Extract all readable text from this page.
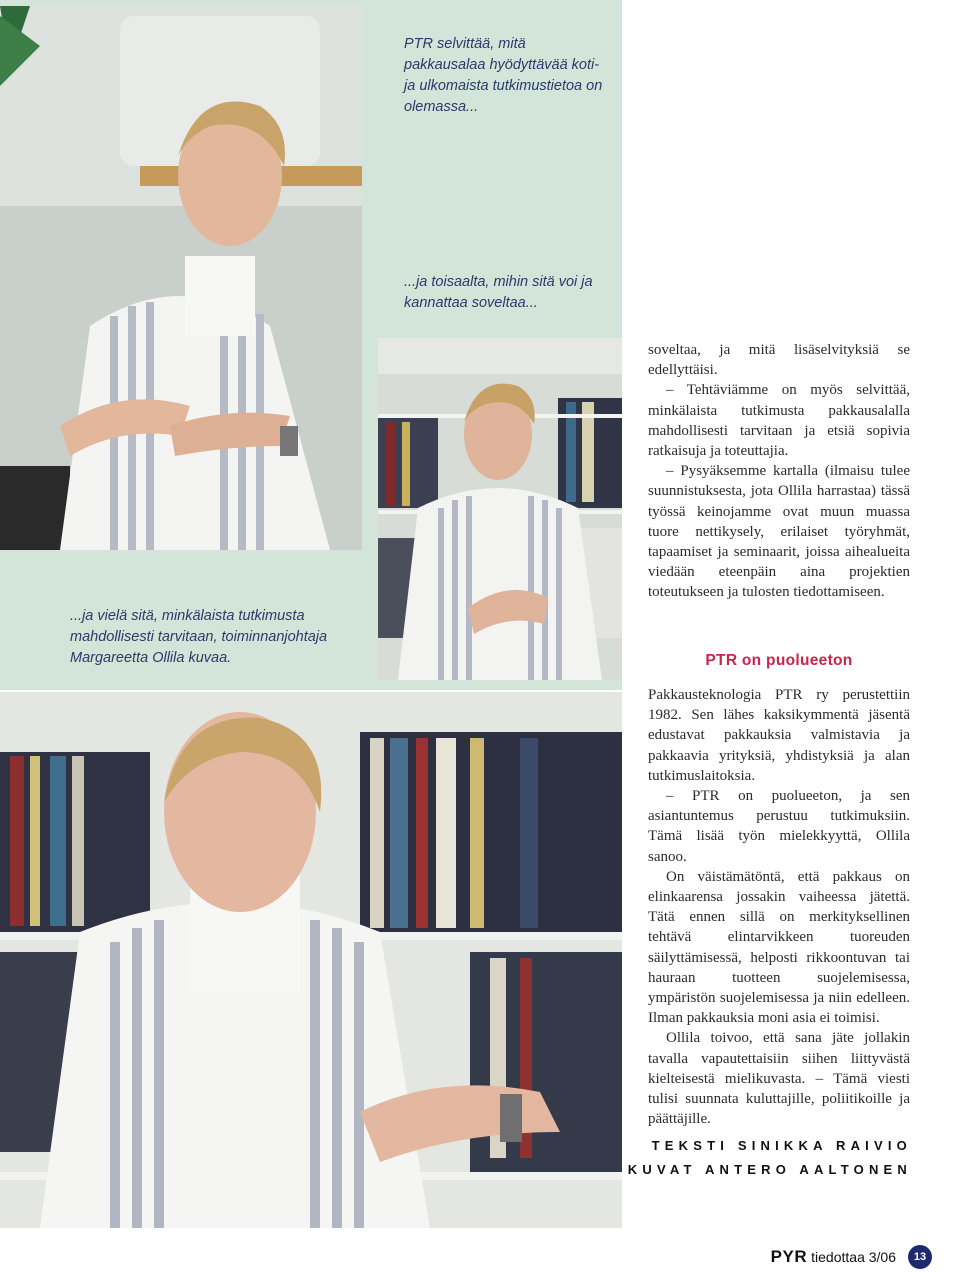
PTR selvittää, mitä pakkausalaa hyödyttävää koti- ja ulkomaista tutkimustietoa on olemassa...
...ja toisaalta, mihin sitä voi ja kannattaa soveltaa...
...ja vielä sitä, minkälaista tutkimusta mahdollisesti tarvitaan, toiminnanjohtaja Margareetta Ollila kuvaa.

soveltaa, ja mitä lisäselvityksiä se edellyttäisi.

– Tehtäviämme on myös selvittää, minkälaista tutkimusta pakkausalalla mahdollisesti tarvitaan ja etsiä sopivia ratkaisuja ja toteuttajia.

– Pysyäksemme kartalla (ilmaisu tulee suunnistuksesta, jota Ollila harrastaa) tässä työssä keinojamme ovat muun muassa tuore nettikysely, erilaiset työryhmät, tapaamiset ja seminaarit, joissa aihealueita viedään eteenpäin aina projektien toteutukseen ja tulosten tiedottamiseen.

PTR on puolueeton

Pakkausteknologia PTR ry perustettiin 1982. Sen lähes kaksikymmentä jäsentä edustavat pakkauksia valmistavia ja pakkaavia yrityksiä, yhdistyksiä ja alan tutkimuslaitoksia.

– PTR on puolueeton, ja sen asiantuntemus perustuu tutkimuksiin. Tämä lisää työn mielekkyyttä, Ollila sanoo.

On väistämätöntä, että pakkaus on elinkaarensa jossakin vaiheessa jätettä. Tätä ennen sillä on merkityksellinen tehtävä elintarvikkeen tuoreuden säilyttämisessä, helposti rikkoontuvan tai hauraan tuotteen suojelemisessa, ympäristön suojelemisessa ja niin edelleen. Ilman pakkauksia moni asia ei toimisi.

Ollila toivoo, että sana jäte jollakin tavalla vapautettaisiin siihen liittyvästä kielteisestä mielikuvasta. – Tämä viesti tulisi suunnata kuluttajille, poliitikoille ja päättäjille.

TEKSTI SINIKKA RAIVIO
KUVAT ANTERO AALTONEN
PYR tiedottaa 3/06	13
